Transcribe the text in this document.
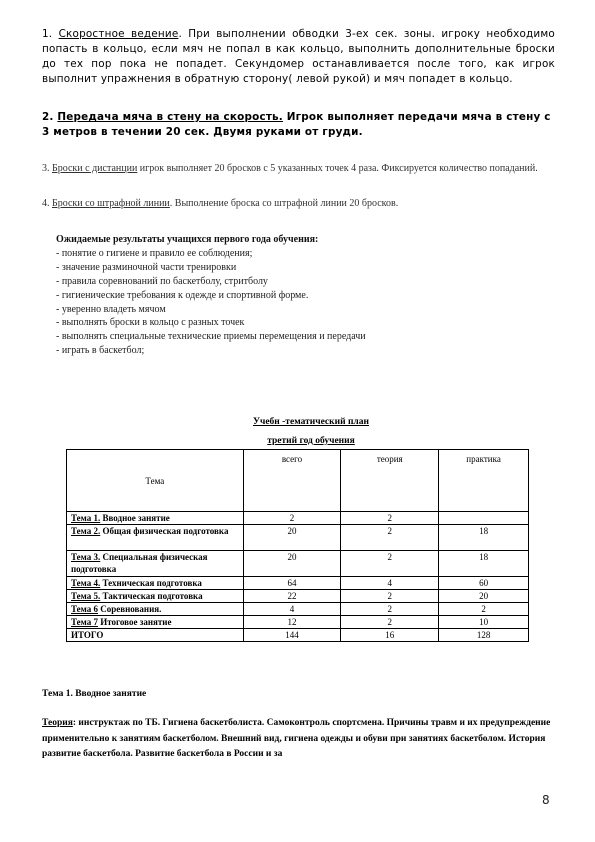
1. Скоростное ведение. При выполнении обводки 3-ех сек. зоны. игроку необходимо попасть в кольцо, если мяч не попал в как кольцо, выполнить дополнительные броски до тех пор пока не попадет. Секундомер останавливается после того, как игрок выполнит упражнения в обратную сторону( левой рукой) и мяч попадет в кольцо.
2. Передача мяча в стену на скорость. Игрок выполняет передачи мяча в стену с 3 метров в течении 20 сек. Двумя руками от груди.
3. Броски с дистанции игрок выполняет 20 бросков с 5 указанных точек 4 раза. Фиксируется количество попаданий.
4. Броски со штрафной линии. Выполнение броска со штрафной линии 20 бросков.
Ожидаемые результаты учащихся первого года обучения:
- понятие о гигиене и правило ее соблюдения;
- значение разминочной части тренировки
- правила соревнований по баскетболу, стритболу
- гигиенические требования к одежде и спортивной форме.
- уверенно владеть мячом
- выполнять броски в кольцо с разных точек
- выполнять специальные технические приемы перемещения и передачи
- играть в баскетбол;
Учебн -тематический план
третий год обучения
Тема	всего	теория	практика
Тема 1. Вводное занятие	2	2	
Тема 2. Общая физическая подготовка	20	2	18
Тема 3. Специальная физическая подготовка	20	2	18
Тема 4. Техническая подготовка	64	4	60
Тема 5. Тактическая подготовка	22	2	20
Тема 6 Соревнования.	4	2	2
Тема 7 Итоговое занятие	12	2	10
ИТОГО	144	16	128
Тема 1. Вводное занятие
Теория: инструктаж по ТБ. Гигиена баскетболиста. Самоконтроль спортсмена. Причины травм и их предупреждение применительно к занятиям баскетболом. Внешний вид, гигиена одежды и обуви при занятиях баскетболом. История развитие баскетбола. Развитие баскетбола в России и за
8
